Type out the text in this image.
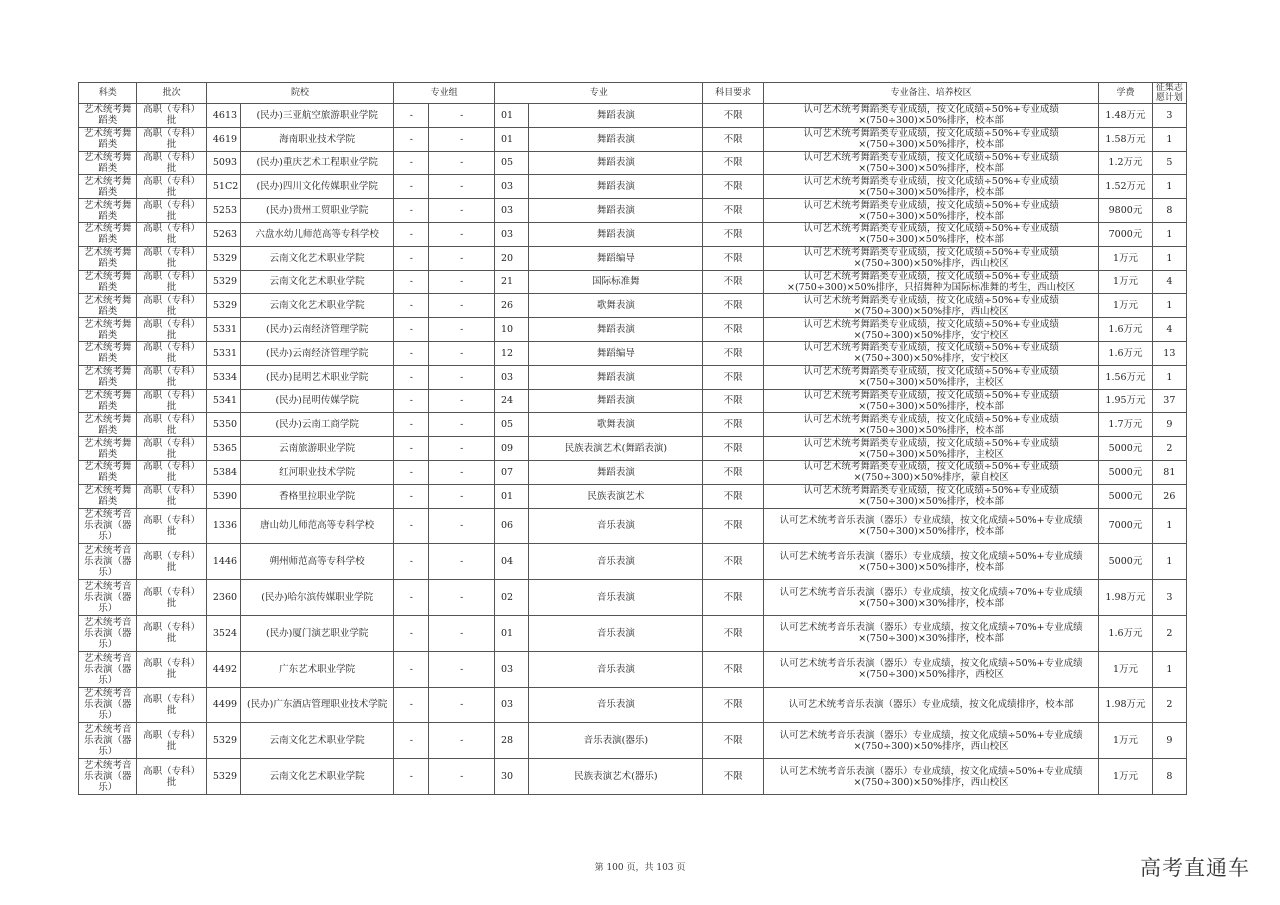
科类	批次	院校		专业组		专业		科目要求	专业备注、培养校区	学费	征集志愿计划
艺术统考舞蹈类	高职（专科）批	4613	(民办)三亚航空旅游职业学院	-	-	01	舞蹈表演	不限	认可艺术统考舞蹈类专业成绩，按文化成绩÷50%+专业成绩×(750÷300)×50%排序，校本部	1.48万元	3
艺术统考舞蹈类	高职（专科）批	4619	海南职业技术学院	-	-	01	舞蹈表演	不限	认可艺术统考舞蹈类专业成绩，按文化成绩÷50%+专业成绩×(750÷300)×50%排序，校本部	1.58万元	1
艺术统考舞蹈类	高职（专科）批	5093	(民办)重庆艺术工程职业学院	-	-	05	舞蹈表演	不限	认可艺术统考舞蹈类专业成绩，按文化成绩÷50%+专业成绩×(750÷300)×50%排序，校本部	1.2万元	5
艺术统考舞蹈类	高职（专科）批	51C2	(民办)四川文化传媒职业学院	-	-	03	舞蹈表演	不限	认可艺术统考舞蹈类专业成绩，按文化成绩÷50%+专业成绩×(750÷300)×50%排序，校本部	1.52万元	1
艺术统考舞蹈类	高职（专科）批	5253	(民办)贵州工贸职业学院	-	-	03	舞蹈表演	不限	认可艺术统考舞蹈类专业成绩，按文化成绩÷50%+专业成绩×(750÷300)×50%排序，校本部	9800元	8
艺术统考舞蹈类	高职（专科）批	5263	六盘水幼儿师范高等专科学校	-	-	03	舞蹈表演	不限	认可艺术统考舞蹈类专业成绩，按文化成绩÷50%+专业成绩×(750÷300)×50%排序，校本部	7000元	1
艺术统考舞蹈类	高职（专科）批	5329	云南文化艺术职业学院	-	-	20	舞蹈编导	不限	认可艺术统考舞蹈类专业成绩，按文化成绩÷50%+专业成绩×(750÷300)×50%排序，西山校区	1万元	1
艺术统考舞蹈类	高职（专科）批	5329	云南文化艺术职业学院	-	-	21	国际标准舞	不限	认可艺术统考舞蹈类专业成绩，按文化成绩÷50%+专业成绩×(750÷300)×50%排序，只招舞种为国际标准舞的考生，西山校区	1万元	4
艺术统考舞蹈类	高职（专科）批	5329	云南文化艺术职业学院	-	-	26	歌舞表演	不限	认可艺术统考舞蹈类专业成绩，按文化成绩÷50%+专业成绩×(750÷300)×50%排序，西山校区	1万元	1
艺术统考舞蹈类	高职（专科）批	5331	(民办)云南经济管理学院	-	-	10	舞蹈表演	不限	认可艺术统考舞蹈类专业成绩，按文化成绩÷50%+专业成绩×(750÷300)×50%排序，安宁校区	1.6万元	4
艺术统考舞蹈类	高职（专科）批	5331	(民办)云南经济管理学院	-	-	12	舞蹈编导	不限	认可艺术统考舞蹈类专业成绩，按文化成绩÷50%+专业成绩×(750÷300)×50%排序，安宁校区	1.6万元	13
艺术统考舞蹈类	高职（专科）批	5334	(民办)昆明艺术职业学院	-	-	03	舞蹈表演	不限	认可艺术统考舞蹈类专业成绩，按文化成绩÷50%+专业成绩×(750÷300)×50%排序，主校区	1.56万元	1
艺术统考舞蹈类	高职（专科）批	5341	(民办)昆明传媒学院	-	-	24	舞蹈表演	不限	认可艺术统考舞蹈类专业成绩，按文化成绩÷50%+专业成绩×(750÷300)×50%排序，校本部	1.95万元	37
艺术统考舞蹈类	高职（专科）批	5350	(民办)云南工商学院	-	-	05	歌舞表演	不限	认可艺术统考舞蹈类专业成绩，按文化成绩÷50%+专业成绩×(750÷300)×50%排序，校本部	1.7万元	9
艺术统考舞蹈类	高职（专科）批	5365	云南旅游职业学院	-	-	09	民族表演艺术(舞蹈表演)	不限	认可艺术统考舞蹈类专业成绩，按文化成绩÷50%+专业成绩×(750÷300)×50%排序，主校区	5000元	2
艺术统考舞蹈类	高职（专科）批	5384	红河职业技术学院	-	-	07	舞蹈表演	不限	认可艺术统考舞蹈类专业成绩，按文化成绩÷50%+专业成绩×(750÷300)×50%排序，蒙自校区	5000元	81
艺术统考舞蹈类	高职（专科）批	5390	香格里拉职业学院	-	-	01	民族表演艺术	不限	认可艺术统考舞蹈类专业成绩，按文化成绩÷50%+专业成绩×(750÷300)×50%排序，校本部	5000元	26
艺术统考音乐表演（器乐）	高职（专科）批	1336	唐山幼儿师范高等专科学校	-	-	06	音乐表演	不限	认可艺术统考音乐表演（器乐）专业成绩，按文化成绩÷50%+专业成绩×(750÷300)×50%排序，校本部	7000元	1
艺术统考音乐表演（器乐）	高职（专科）批	1446	朔州师范高等专科学校	-	-	04	音乐表演	不限	认可艺术统考音乐表演（器乐）专业成绩，按文化成绩÷50%+专业成绩×(750÷300)×50%排序，校本部	5000元	1
艺术统考音乐表演（器乐）	高职（专科）批	2360	(民办)哈尔滨传媒职业学院	-	-	02	音乐表演	不限	认可艺术统考音乐表演（器乐）专业成绩，按文化成绩÷70%+专业成绩×(750÷300)×30%排序，校本部	1.98万元	3
艺术统考音乐表演（器乐）	高职（专科）批	3524	(民办)厦门演艺职业学院	-	-	01	音乐表演	不限	认可艺术统考音乐表演（器乐）专业成绩，按文化成绩÷70%+专业成绩×(750÷300)×30%排序，校本部	1.6万元	2
艺术统考音乐表演（器乐）	高职（专科）批	4492	广东艺术职业学院	-	-	03	音乐表演	不限	认可艺术统考音乐表演（器乐）专业成绩，按文化成绩÷50%+专业成绩×(750÷300)×50%排序，西校区	1万元	1
艺术统考音乐表演（器乐）	高职（专科）批	4499	(民办)广东酒店管理职业技术学院	-	-	03	音乐表演	不限	认可艺术统考音乐表演（器乐）专业成绩，按文化成绩排序，校本部	1.98万元	2
艺术统考音乐表演（器乐）	高职（专科）批	5329	云南文化艺术职业学院	-	-	28	音乐表演(器乐)	不限	认可艺术统考音乐表演（器乐）专业成绩，按文化成绩÷50%+专业成绩×(750÷300)×50%排序，西山校区	1万元	9
艺术统考音乐表演（器乐）	高职（专科）批	5329	云南文化艺术职业学院	-	-	30	民族表演艺术(器乐)	不限	认可艺术统考音乐表演（器乐）专业成绩，按文化成绩÷50%+专业成绩×(750÷300)×50%排序，西山校区	1万元	8
第 100 页，共 103 页	高考直通车
